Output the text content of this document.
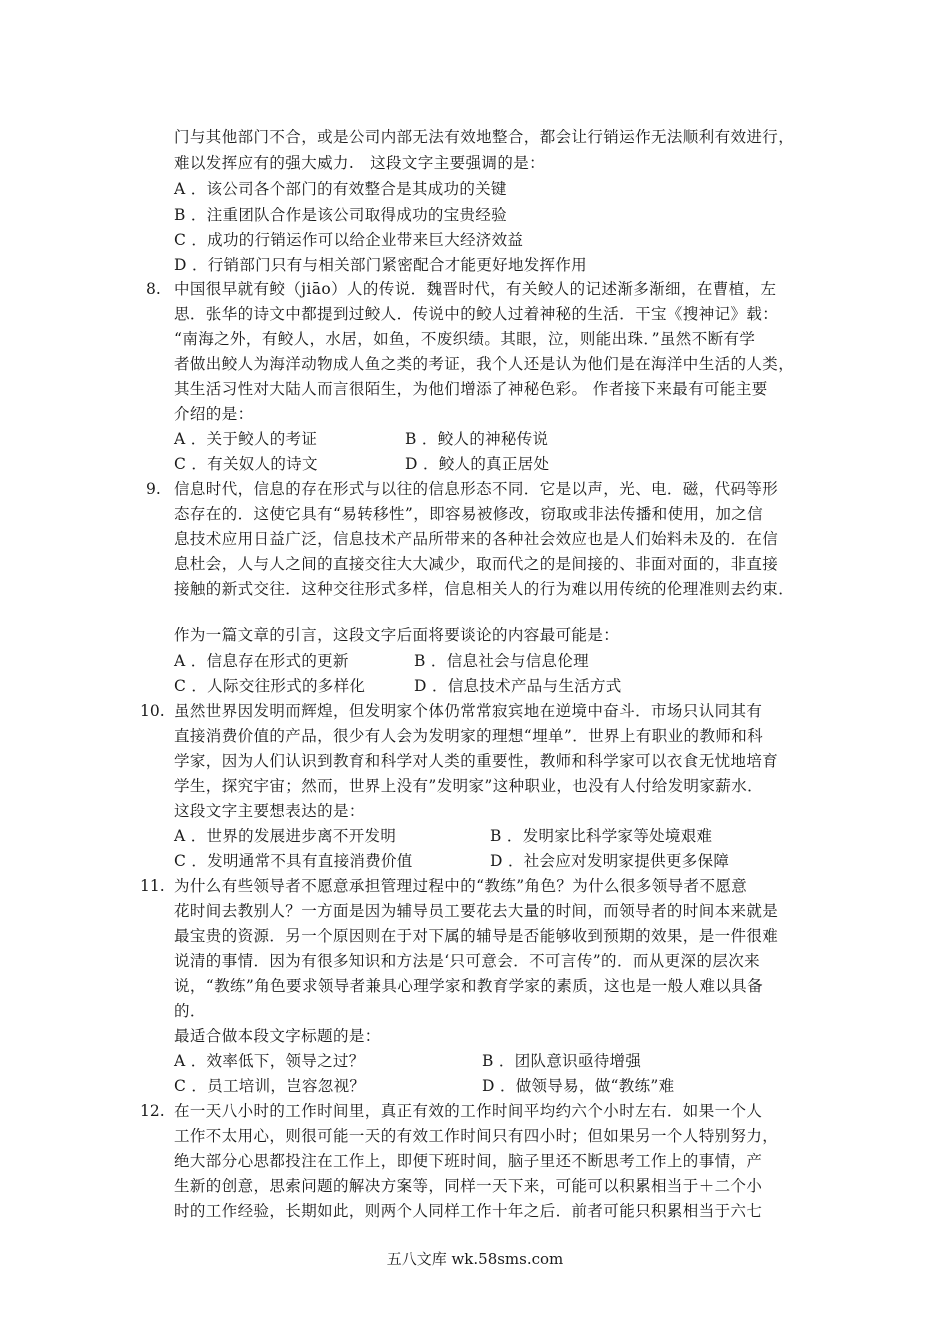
门与其他部门不合，或是公司内部无法有效地整合，都会让行销运作无法顺利有效进行，
难以发挥应有的强大威力.　这段文字主要强调的是：
A ．该公司各个部门的有效整合是其成功的关键
B ．注重团队合作是该公司取得成功的宝贵经验
C ．成功的行销运作可以给企业带来巨大经济效益
D ．行销部门只有与相关部门紧密配合才能更好地发挥作用
8. 中国很早就有鲛（jiāo）人的传说．魏晋时代，有关鲛人的记述渐多渐细，在曹植，左
思．张华的诗文中都提到过鲛人．传说中的鲛人过着神秘的生活．干宝《搜神记》载：
“南海之外，有鲛人，水居，如鱼，不废织绩。其眼，泣，则能出珠．”虽然不断有学
者做出鲛人为海洋动物成人鱼之类的考证，我个人还是认为他们是在海洋中生活的人类，
其生活习性对大陆人而言很陌生，为他们增添了神秘色彩。 作者接下来最有可能主要
介绍的是：
A ．关于鲛人的考证	B ．鲛人的神秘传说
C ．有关奴人的诗文	D ．鲛人的真正居处
9. 信息时代，信息的存在形式与以往的信息形态不同．它是以声，光、电．磁，代码等形
态存在的．这使它具有“易转移性”，即容易被修改，窃取或非法传播和使用，加之信
息技术应用日益广泛，信息技术产品所带来的各种社会效应也是人们始料未及的．在信
息杜会，人与人之间的直接交往大大减少，取而代之的是间接的、非面对面的，非直接
接触的新式交往．这种交往形式多样，信息相关人的行为难以用传统的伦理准则去约束．
作为一篇文章的引言，这段文字后面将要谈论的内容最可能是：
A ．信息存在形式的更新	B ．信息社会与信息伦理
C ．人际交往形式的多样化	D ．信息技术产品与生活方式
10. 虽然世界因发明而辉煌，但发明家个体仍常常寂宾地在逆境中奋斗．市场只认同其有
直接消费价值的产品，很少有人会为发明家的理想“埋单”．世界上有职业的教师和科
学家，因为人们认识到教育和科学对人类的重要性，教师和科学家可以衣食无忧地培育
学生，探究宇宙；然而，世界上没有”发明家”这种职业，也没有人付给发明家薪水．
这段文字主要想表达的是：
A ．世界的发展进步离不开发明	B ．发明家比科学家等处境艰难
C ．发明通常不具有直接消费价值	D ．社会应对发明家提供更多保障
11. 为什么有些领导者不愿意承担管理过程中的“教练”角色？为什么很多领导者不愿意
花时间去教别人？一方面是因为辅导员工要花去大量的时间，而领导者的时间本来就是
最宝贵的资源．另一个原因则在于对下属的辅导是否能够收到预期的效果，是一件很难
说清的事情．因为有很多知识和方法是‘只可意会．不可言传”的．而从更深的层次来
说，“教练”角色要求领导者兼具心理学家和教育学家的素质，这也是一般人难以具备
的．
最适合做本段文字标题的是：
A ．效率低下，领导之过？	B ．团队意识亟待增强
C ．员工培训，岂容忽视？	D ．做领导易，做“教练”难
12. 在一天八小时的工作时间里，真正有效的工作时间平均约六个小时左右．如果一个人
工作不太用心，则很可能一天的有效工作时间只有四小时；但如果另一个人特别努力，
绝大部分心思都投注在工作上，即便下班时间，脑子里还不断思考工作上的事情，产
生新的创意，思索问题的解决方案等，同样一天下来，可能可以积累相当于＋二个小
时的工作经验，长期如此，则两个人同样工作十年之后．前者可能只积累相当于六七
五八文库 wk.58sms.com
